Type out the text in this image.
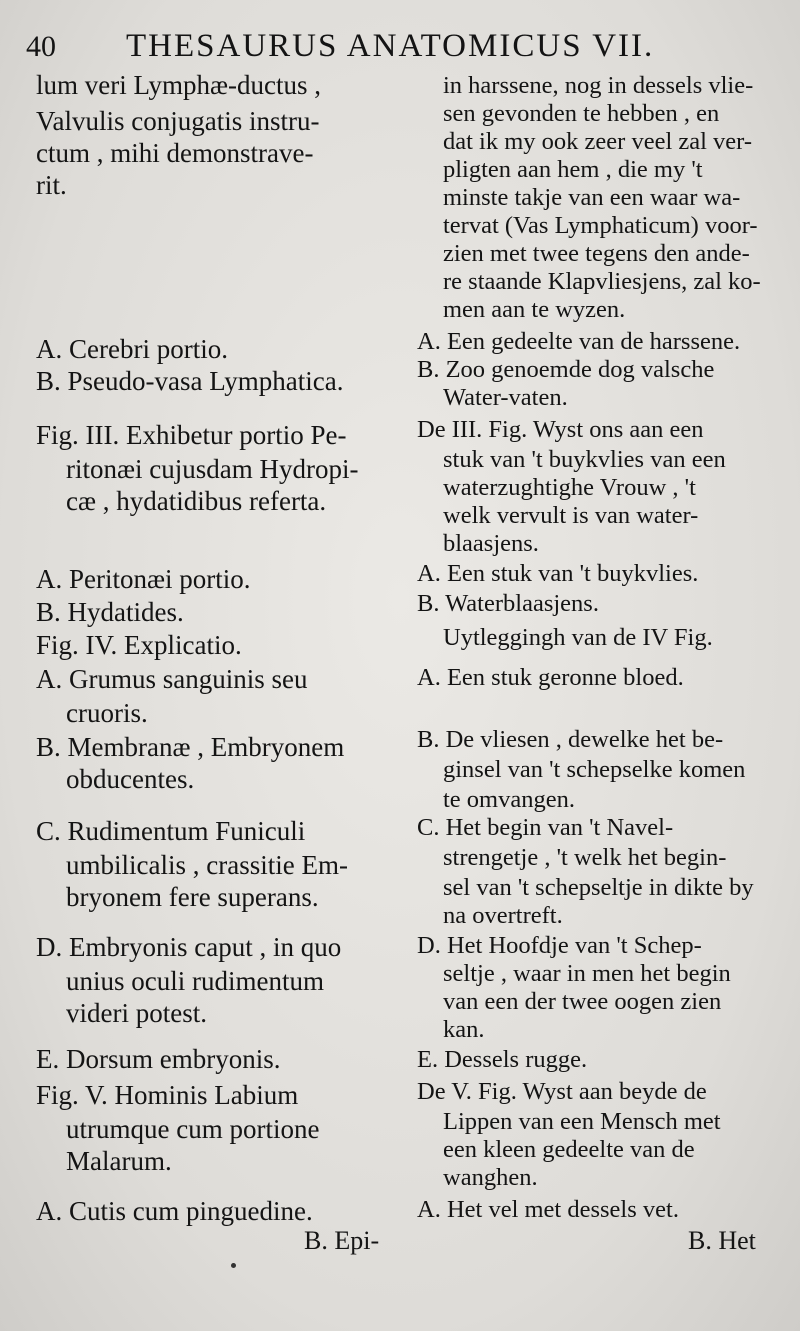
40 THESAURUS ANATOMICUS VII.
lum veri Lymphæ-ductus ,
Valvulis conjugatis instru-
ctum , mihi demonstrave-
rit.
A. Cerebri portio.
B. Pseudo-vasa Lymphatica.
Fig. III. Exhibetur portio Pe-
ritonæi cujusdam Hydropi-
cæ , hydatidibus referta.
A. Peritonæi portio.
B. Hydatides.
Fig. IV. Explicatio.
A. Grumus sanguinis seu
cruoris.
B. Membranæ , Embryonem
obducentes.
C. Rudimentum Funiculi
umbilicalis , crassitie Em-
bryonem fere superans.
D. Embryonis caput , in quo
unius oculi rudimentum
videri potest.
E. Dorsum embryonis.
Fig. V. Hominis Labium
utrumque cum portione
Malarum.
A. Cutis cum pinguedine.
in harssene, nog in dessels vlie-
sen gevonden te hebben , en
dat ik my ook zeer veel zal ver-
pligten aan hem , die my 't
minste takje van een waar wa-
tervat (Vas Lymphaticum) voor-
zien met twee tegens den ande-
re staande Klapvliesjens, zal ko-
men aan te wyzen.
A. Een gedeelte van de harssene.
B. Zoo genoemde dog valsche
Water-vaten.
De III. Fig. Wyst ons aan een
stuk van 't buykvlies van een
waterzughtighe Vrouw , 't
welk vervult is van water-
blaasjens.
A. Een stuk van 't buykvlies.
B. Waterblaasjens.
Uytleggingh van de IV Fig.
A. Een stuk geronne bloed.
B. De vliesen , dewelke het be-
ginsel van 't schepselke komen
te omvangen.
C. Het begin van 't Navel-
strengetje , 't welk het begin-
sel van 't schepseltje in dikte by
na overtreft.
D. Het Hoofdje van 't Schep-
seltje , waar in men het begin
van een der twee oogen zien
kan.
E. Dessels rugge.
De V. Fig. Wyst aan beyde de
Lippen van een Mensch met
een kleen gedeelte van de
wanghen.
A. Het vel met dessels vet.
B. Epi-	B. Het
